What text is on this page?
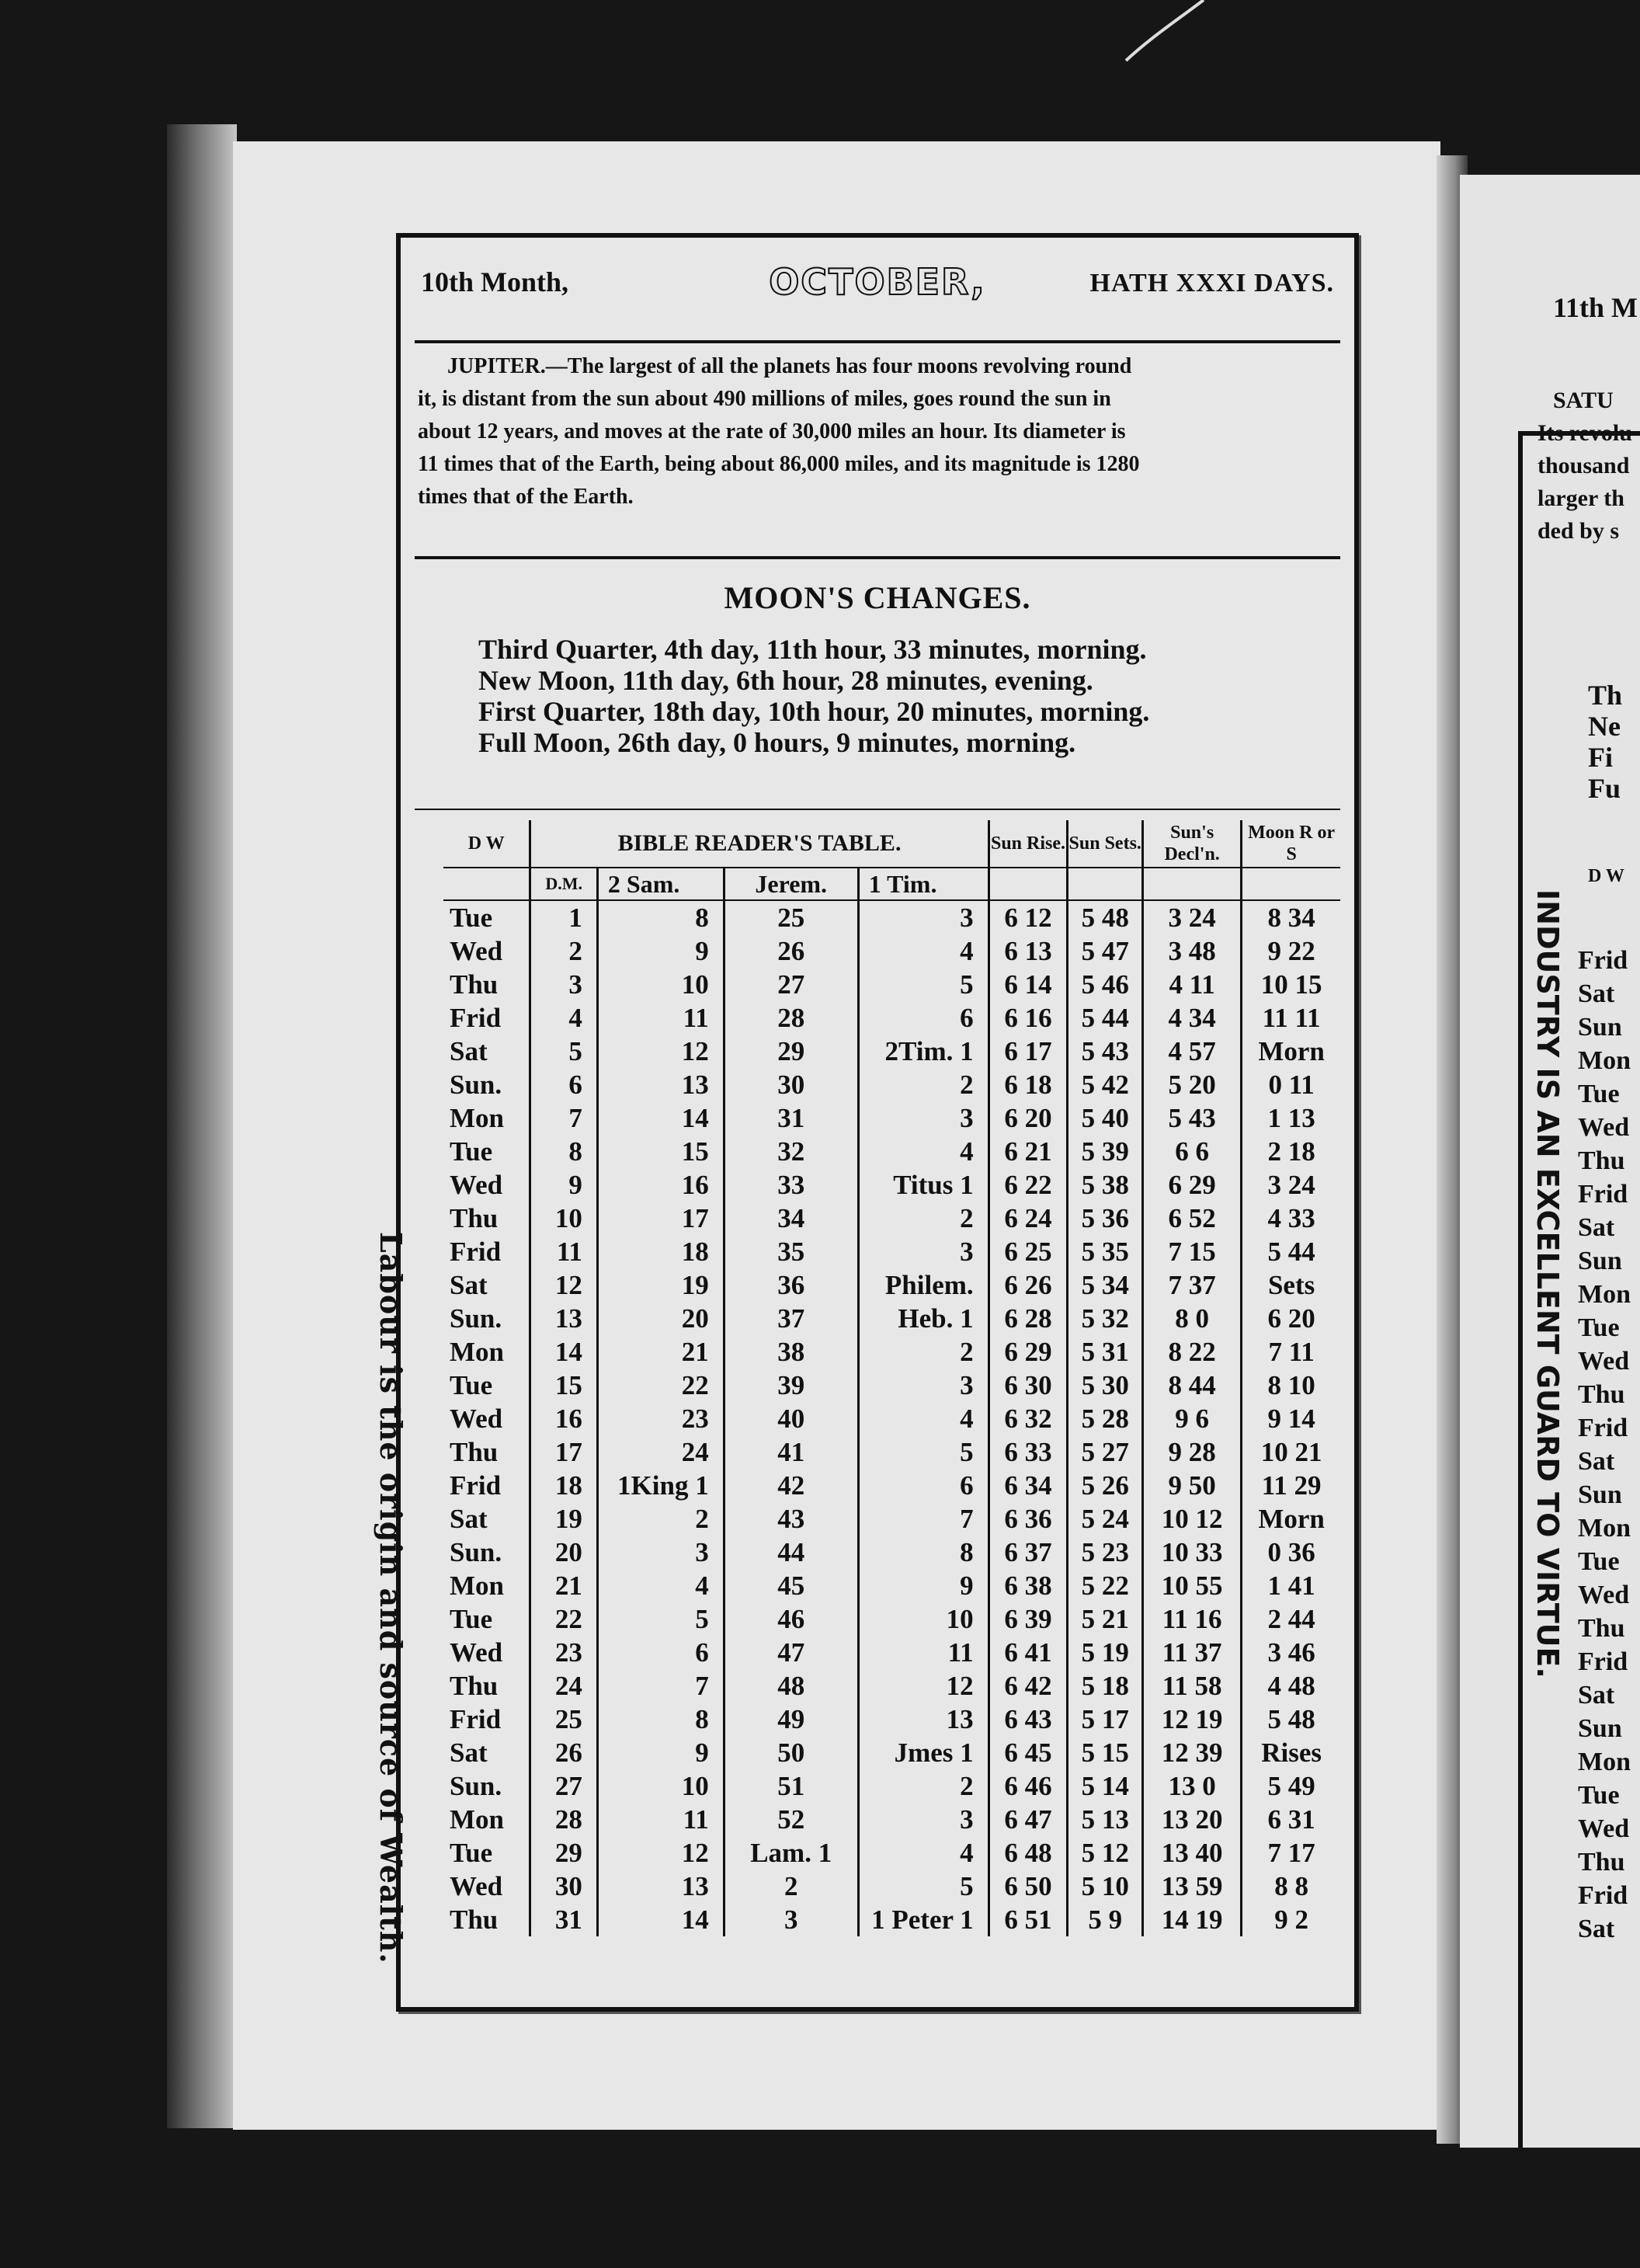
10th Month,	OCTOBER,	HATH XXXI DAYS.
JUPITER.—The largest of all the planets has four moons revolving round
it, is distant from the sun about 490 millions of miles, goes round the sun in
about 12 years, and moves at the rate of 30,000 miles an hour. Its diameter is
11 times that of the Earth, being about 86,000 miles, and its magnitude is 1280
times that of the Earth.
MOON'S CHANGES.
Third Quarter, 4th day, 11th hour, 33 minutes, morning.
New Moon, 11th day, 6th hour, 28 minutes, evening.
First Quarter, 18th day, 10th hour, 20 minutes, morning.
Full Moon, 26th day, 0 hours, 9 minutes, morning.
Labour is the origin and source of Wealth.
D W	BIBLE READER'S TABLE.				Sun Rise.	Sun Sets.	Sun's Decl'n.	Moon R or S
	D.M.	2 Sam.	Jerem.	1 Tim.				
Tue	1	8	25	3	6 12	5 48	3 24	8 34
Wed	2	9	26	4	6 13	5 47	3 48	9 22
Thu	3	10	27	5	6 14	5 46	4 11	10 15
Frid	4	11	28	6	6 16	5 44	4 34	11 11
Sat	5	12	29	2Tim. 1	6 17	5 43	4 57	Morn
Sun.	6	13	30	2	6 18	5 42	5 20	0 11
Mon	7	14	31	3	6 20	5 40	5 43	1 13
Tue	8	15	32	4	6 21	5 39	6 6	2 18
Wed	9	16	33	Titus 1	6 22	5 38	6 29	3 24
Thu	10	17	34	2	6 24	5 36	6 52	4 33
Frid	11	18	35	3	6 25	5 35	7 15	5 44
Sat	12	19	36	Philem.	6 26	5 34	7 37	Sets
Sun.	13	20	37	Heb. 1	6 28	5 32	8 0	6 20
Mon	14	21	38	2	6 29	5 31	8 22	7 11
Tue	15	22	39	3	6 30	5 30	8 44	8 10
Wed	16	23	40	4	6 32	5 28	9 6	9 14
Thu	17	24	41	5	6 33	5 27	9 28	10 21
Frid	18	1King 1	42	6	6 34	5 26	9 50	11 29
Sat	19	2	43	7	6 36	5 24	10 12	Morn
Sun.	20	3	44	8	6 37	5 23	10 33	0 36
Mon	21	4	45	9	6 38	5 22	10 55	1 41
Tue	22	5	46	10	6 39	5 21	11 16	2 44
Wed	23	6	47	11	6 41	5 19	11 37	3 46
Thu	24	7	48	12	6 42	5 18	11 58	4 48
Frid	25	8	49	13	6 43	5 17	12 19	5 48
Sat	26	9	50	Jmes 1	6 45	5 15	12 39	Rises
Sun.	27	10	51	2	6 46	5 14	13 0	5 49
Mon	28	11	52	3	6 47	5 13	13 20	6 31
Tue	29	12	Lam. 1	4	6 48	5 12	13 40	7 17
Wed	30	13	2	5	6 50	5 10	13 59	8 8
Thu	31	14	3	1 Peter 1	6 51	5 9	14 19	9 2
11th M
SATU
Its revolu
thousand
larger th
ded by s
Th
Ne
Fi
Fu
D W
INDUSTRY IS AN EXCELLENT GUARD TO VIRTUE. Frid
Sat
Sun
Mon
Tue
Wed
Thu
Frid
Sat
Sun
Mon
Tue
Wed
Thu
Frid
Sat
Sun
Mon
Tue
Wed
Thu
Frid
Sat
Sun
Mon
Tue
Wed
Thu
Frid
Sat
